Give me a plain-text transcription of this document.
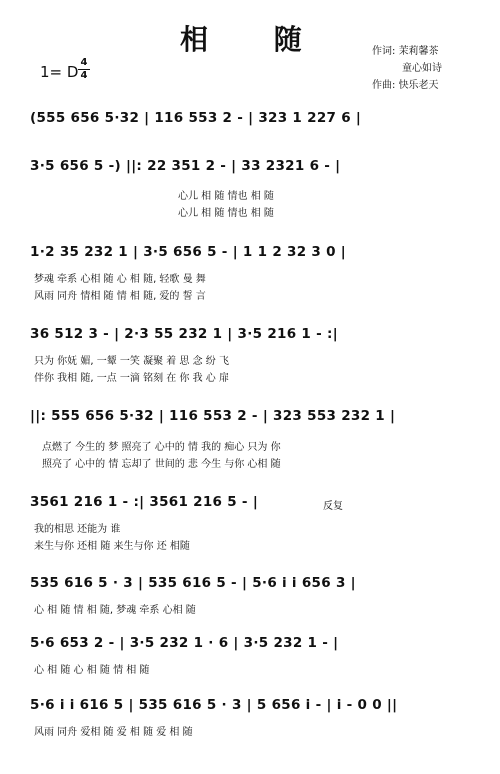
相 随	作词: 茉莉馨茶
童心如诗
作曲: 快乐老天
1= D
4
4
(555 656 5·32 | 116 553 2 - | 323 1 227 6 |
3·5 656 5 -) ||: 22 351 2 - | 33 2321 6 - |
心儿 相 随 情也 相 随
心儿 相 随 情也 相 随
1·2 35 232 1 | 3·5 656 5 - | 1 1 2 32 3 0 |
梦魂 牵系 心相 随 心 相 随, 轻歌 曼 舞
风雨 同舟 情相 随 情 相 随, 爱的 誓 言
36 512 3 - | 2·3 55 232 1 | 3·5 216 1 - :|
只为 你妩 媚, 一颦 一笑 凝聚 着 思 念 纷 飞
伴你 我相 随, 一点 一滴 铭刻 在 你 我 心 扉
||: 555 656 5·32 | 116 553 2 - | 323 553 232 1 |
点燃了 今生的 梦 照亮了 心中的 情 我的 痴心 只为 你
照亮了 心中的 情 忘却了 世间的 悲 今生 与你 心相 随
3561 216 1 - :| 3561 216 5 - |	反复
我的相思 还能为 谁
来生与你 还相 随 来生与你 还 相随
535 616 5 · 3 | 535 616 5 - | 5·6 i i 656 3 |
心 相 随 情 相 随, 梦魂 牵系 心相 随
5·6 653 2 - | 3·5 232 1 · 6 | 3·5 232 1 - |
心 相 随 心 相 随 情 相 随
5·6 i i 616 5 | 535 616 5 · 3 | 5 656 i - | i - 0 0 ||
风雨 同舟 爱相 随 爱 相 随 爱 相 随
